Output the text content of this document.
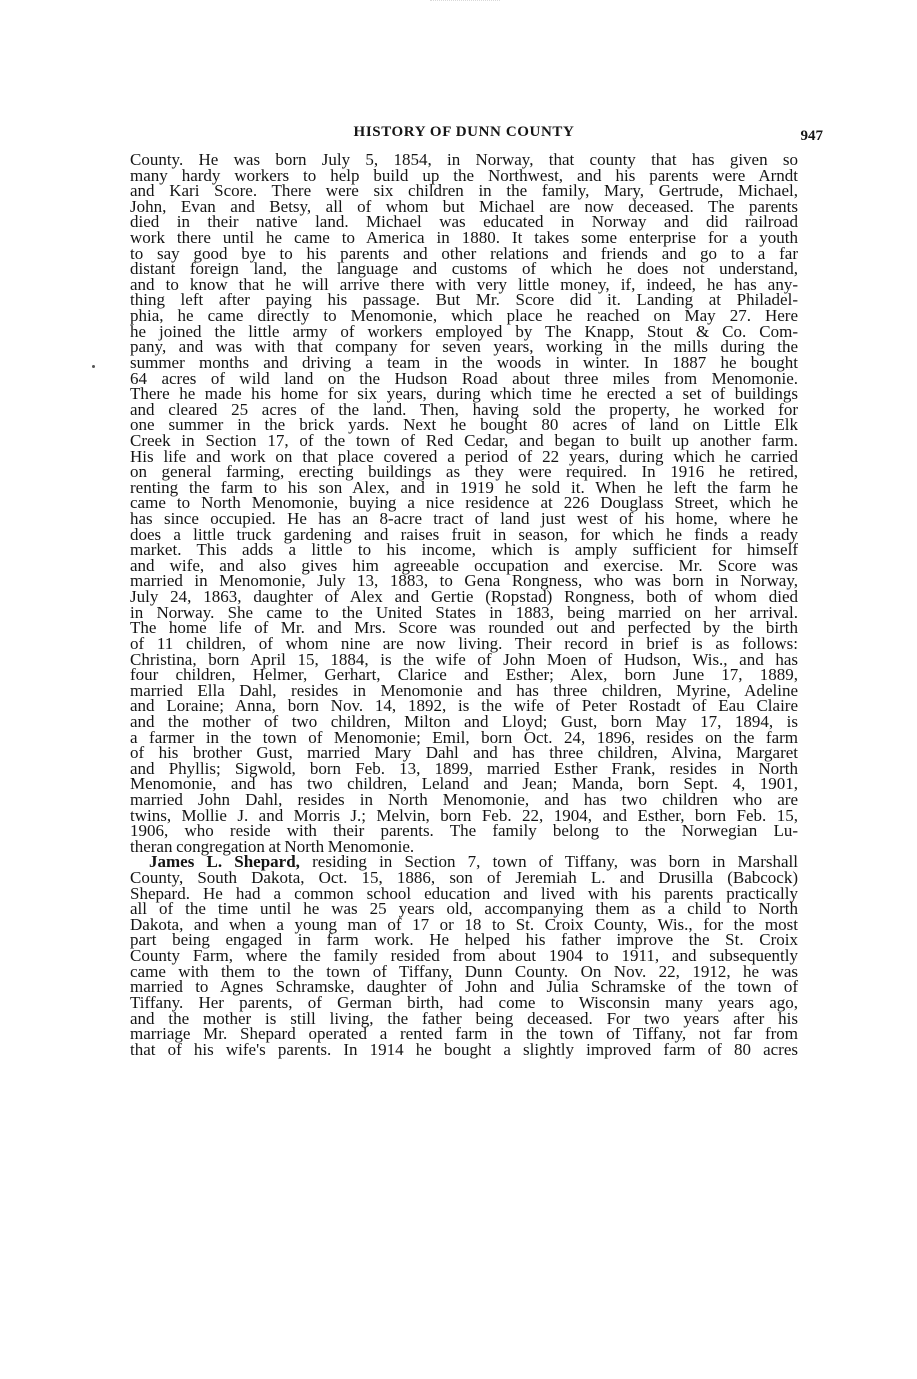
HISTORY OF DUNN COUNTY	947
County. He was born July 5, 1854, in Norway, that county that has given so
many hardy workers to help build up the Northwest, and his parents were Arndt
and Kari Score. There were six children in the family, Mary, Gertrude, Michael,
John, Evan and Betsy, all of whom but Michael are now deceased. The parents
died in their native land. Michael was educated in Norway and did railroad
work there until he came to America in 1880. It takes some enterprise for a youth
to say good bye to his parents and other relations and friends and go to a far
distant foreign land, the language and customs of which he does not understand,
and to know that he will arrive there with very little money, if, indeed, he has any-
thing left after paying his passage. But Mr. Score did it. Landing at Philadel-
phia, he came directly to Menomonie, which place he reached on May 27. Here
he joined the little army of workers employed by The Knapp, Stout & Co. Com-
pany, and was with that company for seven years, working in the mills during the
summer months and driving a team in the woods in winter. In 1887 he bought
64 acres of wild land on the Hudson Road about three miles from Menomonie.
There he made his home for six years, during which time he erected a set of buildings
and cleared 25 acres of the land. Then, having sold the property, he worked for
one summer in the brick yards. Next he bought 80 acres of land on Little Elk
Creek in Section 17, of the town of Red Cedar, and began to built up another farm.
His life and work on that place covered a period of 22 years, during which he carried
on general farming, erecting buildings as they were required. In 1916 he retired,
renting the farm to his son Alex, and in 1919 he sold it. When he left the farm he
came to North Menomonie, buying a nice residence at 226 Douglass Street, which he
has since occupied. He has an 8-acre tract of land just west of his home, where he
does a little truck gardening and raises fruit in season, for which he finds a ready
market. This adds a little to his income, which is amply sufficient for himself
and wife, and also gives him agreeable occupation and exercise. Mr. Score was
married in Menomonie, July 13, 1883, to Gena Rongness, who was born in Norway,
July 24, 1863, daughter of Alex and Gertie (Ropstad) Rongness, both of whom died
in Norway. She came to the United States in 1883, being married on her arrival.
The home life of Mr. and Mrs. Score was rounded out and perfected by the birth
of 11 children, of whom nine are now living. Their record in brief is as follows:
Christina, born April 15, 1884, is the wife of John Moen of Hudson, Wis., and has
four children, Helmer, Gerhart, Clarice and Esther; Alex, born June 17, 1889,
married Ella Dahl, resides in Menomonie and has three children, Myrine, Adeline
and Loraine; Anna, born Nov. 14, 1892, is the wife of Peter Rostadt of Eau Claire
and the mother of two children, Milton and Lloyd; Gust, born May 17, 1894, is
a farmer in the town of Menomonie; Emil, born Oct. 24, 1896, resides on the farm
of his brother Gust, married Mary Dahl and has three children, Alvina, Margaret
and Phyllis; Sigwold, born Feb. 13, 1899, married Esther Frank, resides in North
Menomonie, and has two children, Leland and Jean; Manda, born Sept. 4, 1901,
married John Dahl, resides in North Menomonie, and has two children who are
twins, Mollie J. and Morris J.; Melvin, born Feb. 22, 1904, and Esther, born Feb. 15,
1906, who reside with their parents. The family belong to the Norwegian Lu-
theran congregation at North Menomonie.
James L. Shepard, residing in Section 7, town of Tiffany, was born in Marshall
County, South Dakota, Oct. 15, 1886, son of Jeremiah L. and Drusilla (Babcock)
Shepard. He had a common school education and lived with his parents practically
all of the time until he was 25 years old, accompanying them as a child to North
Dakota, and when a young man of 17 or 18 to St. Croix County, Wis., for the most
part being engaged in farm work. He helped his father improve the St. Croix
County Farm, where the family resided from about 1904 to 1911, and subsequently
came with them to the town of Tiffany, Dunn County. On Nov. 22, 1912, he was
married to Agnes Schramske, daughter of John and Julia Schramske of the town of
Tiffany. Her parents, of German birth, had come to Wisconsin many years ago,
and the mother is still living, the father being deceased. For two years after his
marriage Mr. Shepard operated a rented farm in the town of Tiffany, not far from
that of his wife's parents. In 1914 he bought a slightly improved farm of 80 acres
